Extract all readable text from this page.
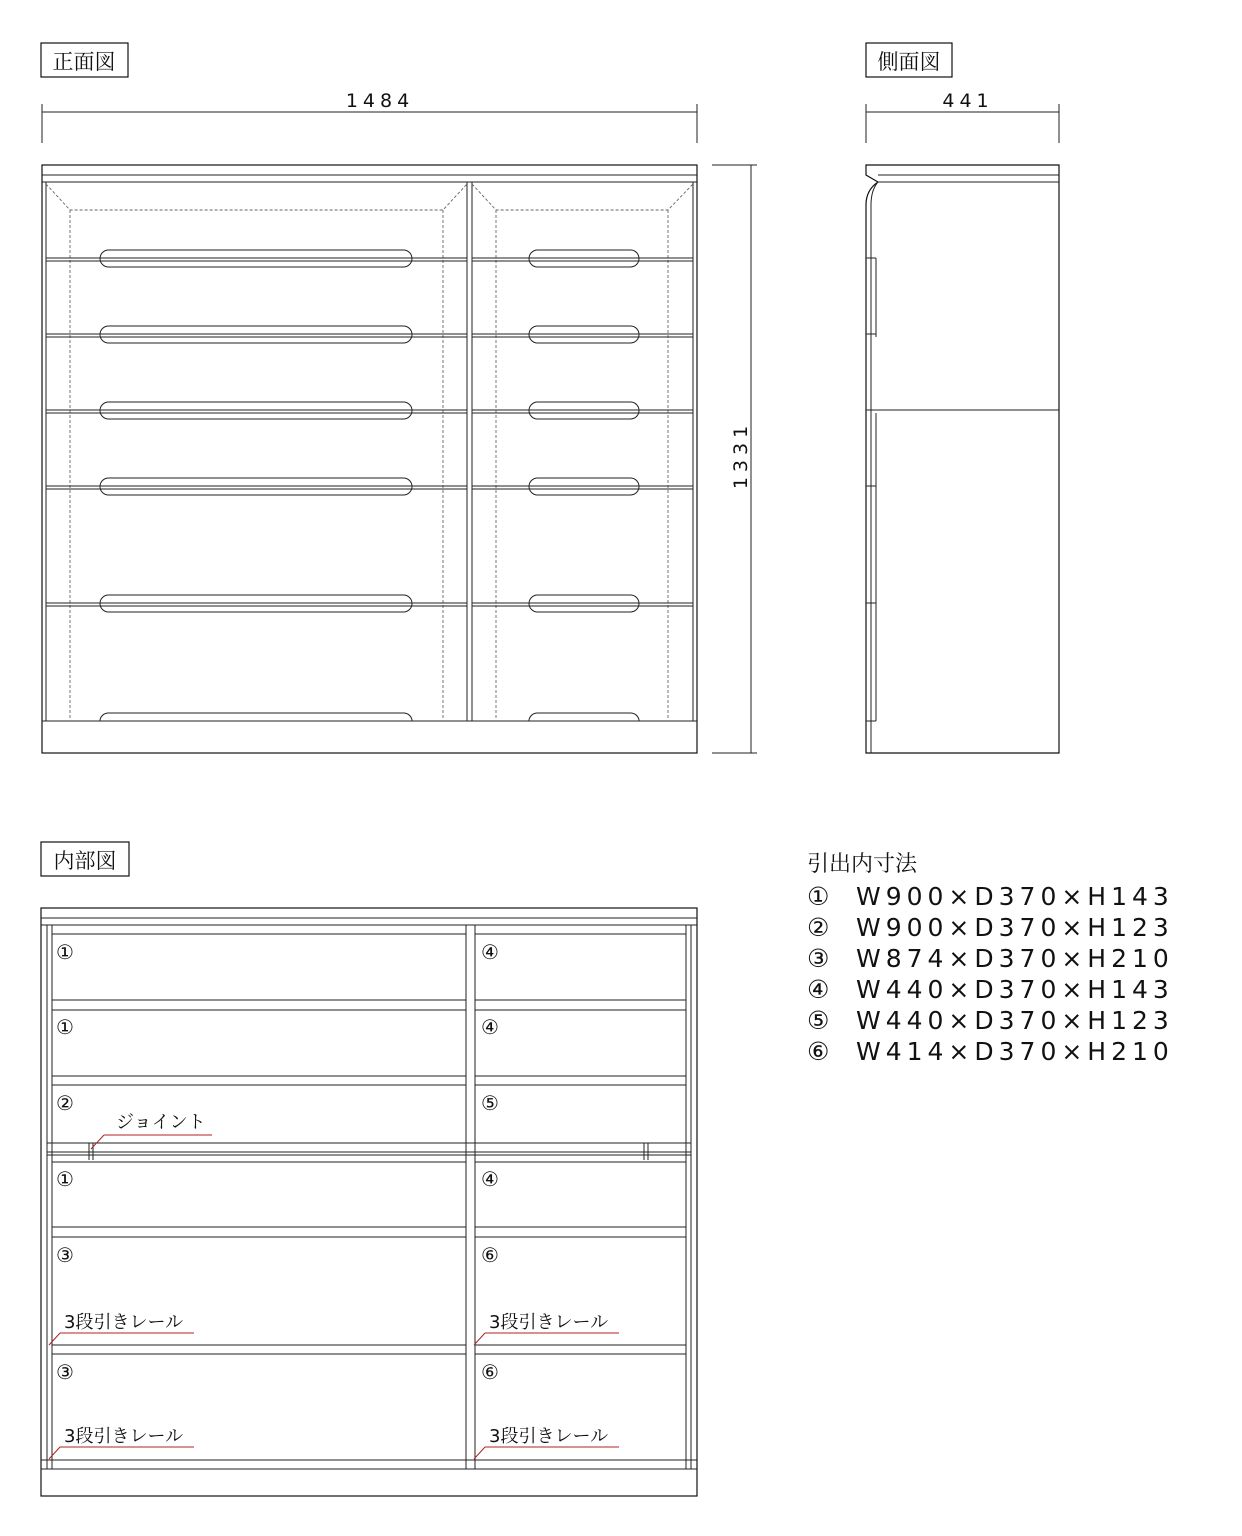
正面図
1484
1331
側面図
441
内部図
①
①
②
①
③
③
④
④
⑤
④
⑥
⑥
ジョイント
3段引きレール	3段引きレール
3段引きレール	3段引きレール
引出内寸法
① W900×D370×H143
② W900×D370×H123
③ W874×D370×H210
④ W440×D370×H143
⑤ W440×D370×H123
⑥ W414×D370×H210
